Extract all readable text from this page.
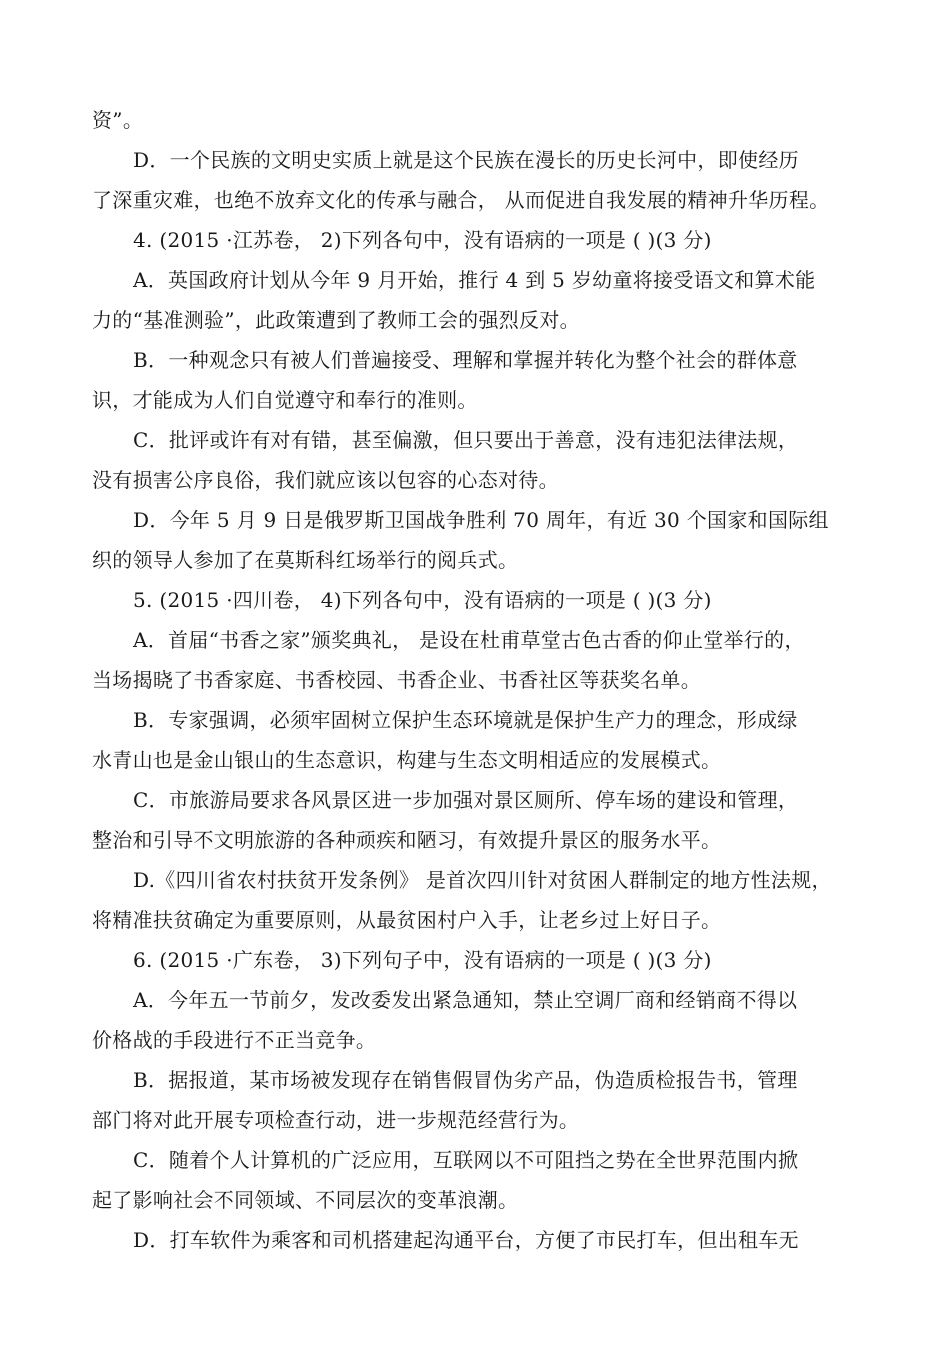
资”。
D．一个民族的文明史实质上就是这个民族在漫长的历史长河中，即使经历
了深重灾难，也绝不放弃文化的传承与融合， 从而促进自我发展的精神升华历程。
4. (2015 ·江苏卷， 2)下列各句中，没有语病的一项是 ( )(3 分)
A．英国政府计划从今年 9 月开始，推行 4 到 5 岁幼童将接受语文和算术能
力的“基准测验”，此政策遭到了教师工会的强烈反对。
B．一种观念只有被人们普遍接受、理解和掌握并转化为整个社会的群体意
识，才能成为人们自觉遵守和奉行的准则。
C．批评或许有对有错，甚至偏激，但只要出于善意，没有违犯法律法规，
没有损害公序良俗，我们就应该以包容的心态对待。
D．今年 5 月 9 日是俄罗斯卫国战争胜利 70 周年，有近 30 个国家和国际组
织的领导人参加了在莫斯科红场举行的阅兵式。
5. (2015 ·四川卷， 4)下列各句中，没有语病的一项是 ( )(3 分)
A．首届“书香之家”颁奖典礼， 是设在杜甫草堂古色古香的仰止堂举行的，
当场揭晓了书香家庭、书香校园、书香企业、书香社区等获奖名单。
B．专家强调，必须牢固树立保护生态环境就是保护生产力的理念，形成绿
水青山也是金山银山的生态意识，构建与生态文明相适应的发展模式。
C．市旅游局要求各风景区进一步加强对景区厕所、停车场的建设和管理，
整治和引导不文明旅游的各种顽疾和陋习，有效提升景区的服务水平。
D.《四川省农村扶贫开发条例》 是首次四川针对贫困人群制定的地方性法规，
将精准扶贫确定为重要原则，从最贫困村户入手，让老乡过上好日子。
6. (2015 ·广东卷， 3)下列句子中，没有语病的一项是 ( )(3 分)
A．今年五一节前夕，发改委发出紧急通知，禁止空调厂商和经销商不得以
价格战的手段进行不正当竞争。
B．据报道，某市场被发现存在销售假冒伪劣产品，伪造质检报告书，管理
部门将对此开展专项检查行动，进一步规范经营行为。
C．随着个人计算机的广泛应用，互联网以不可阻挡之势在全世界范围内掀
起了影响社会不同领域、不同层次的变革浪潮。
D．打车软件为乘客和司机搭建起沟通平台，方便了市民打车，但出租车无
